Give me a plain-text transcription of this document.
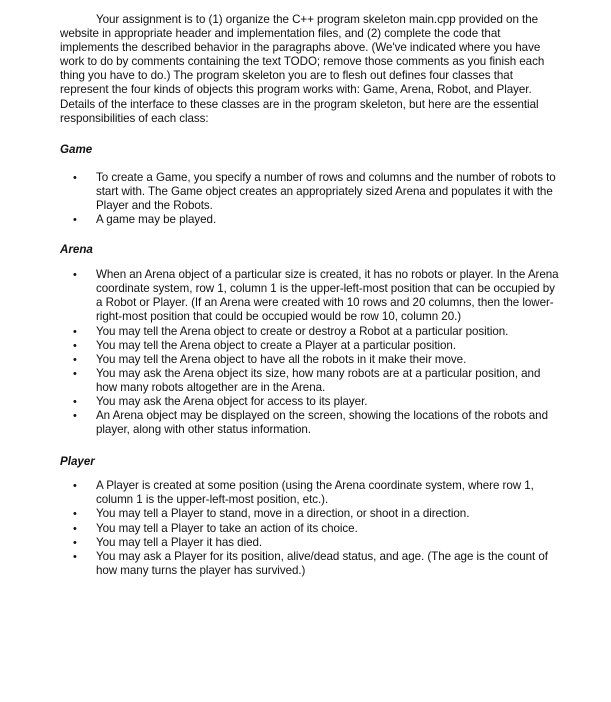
Your assignment is to (1) organize the C++ program skeleton main.cpp provided on the website in appropriate header and implementation files, and (2) complete the code that implements the described behavior in the paragraphs above. (We've indicated where you have work to do by comments containing the text TODO; remove those comments as you finish each thing you have to do.) The program skeleton you are to flesh out defines four classes that represent the four kinds of objects this program works with: Game, Arena, Robot, and Player. Details of the interface to these classes are in the program skeleton, but here are the essential responsibilities of each class:

Game

• To create a Game, you specify a number of rows and columns and the number of robots to start with. The Game object creates an appropriately sized Arena and populates it with the Player and the Robots.
• A game may be played.

Arena

• When an Arena object of a particular size is created, it has no robots or player. In the Arena coordinate system, row 1, column 1 is the upper-left-most position that can be occupied by a Robot or Player. (If an Arena were created with 10 rows and 20 columns, then the lower-right-most position that could be occupied would be row 10, column 20.)
• You may tell the Arena object to create or destroy a Robot at a particular position.
• You may tell the Arena object to create a Player at a particular position.
• You may tell the Arena object to have all the robots in it make their move.
• You may ask the Arena object its size, how many robots are at a particular position, and how many robots altogether are in the Arena.
• You may ask the Arena object for access to its player.
• An Arena object may be displayed on the screen, showing the locations of the robots and player, along with other status information.

Player

• A Player is created at some position (using the Arena coordinate system, where row 1, column 1 is the upper-left-most position, etc.).
• You may tell a Player to stand, move in a direction, or shoot in a direction.
• You may tell a Player to take an action of its choice.
• You may tell a Player it has died.
• You may ask a Player for its position, alive/dead status, and age. (The age is the count of how many turns the player has survived.)
